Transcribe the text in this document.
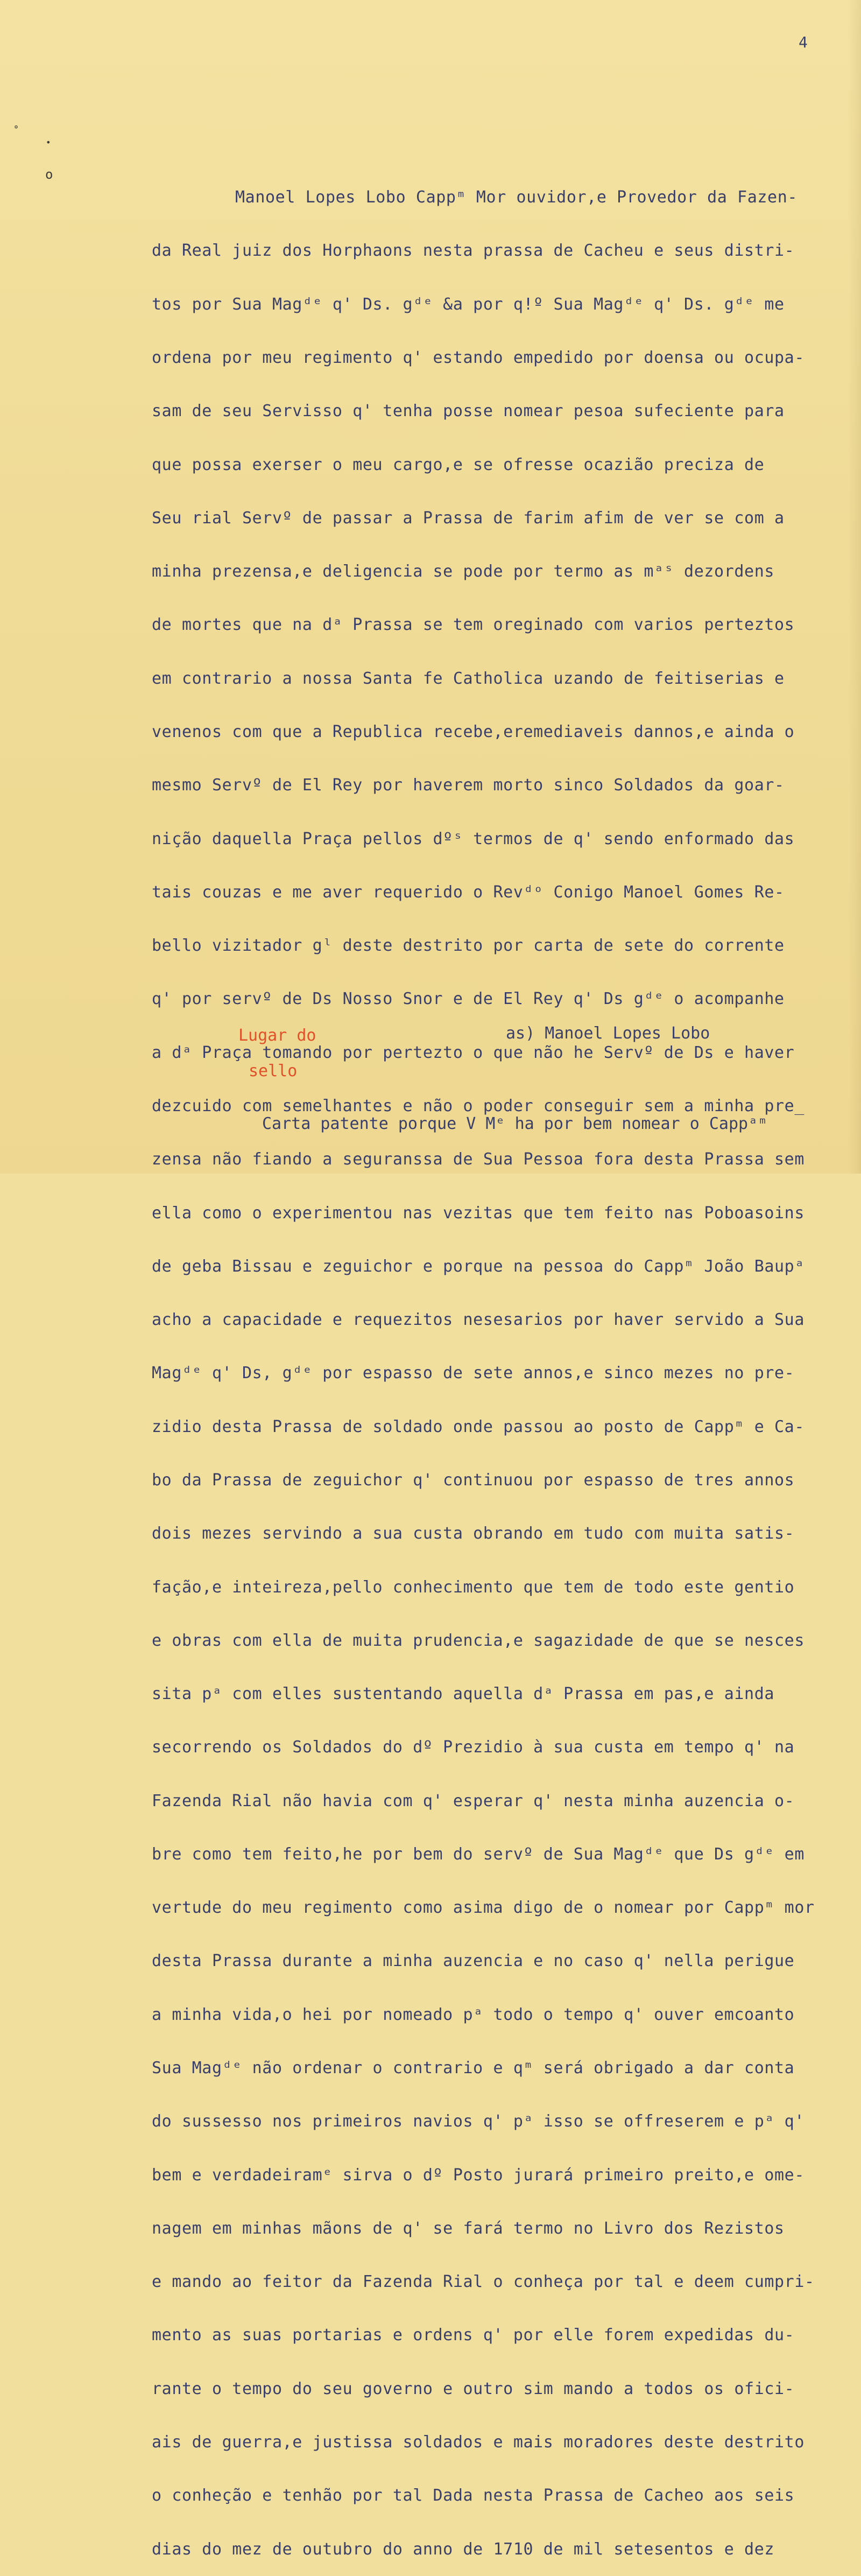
4
˚
•
o

Manoel Lopes Lobo Cappᵐ Mor ouvidor,e Provedor da Fazen-

da Real juiz dos Horphaons nesta prassa de Cacheu e seus distri-

tos por Sua Magᵈᵉ q' Ds. gᵈᵉ &a por q!º Sua Magᵈᵉ q' Ds. gᵈᵉ me

ordena por meu regimento q' estando empedido por doensa ou ocupa-

sam de seu Servisso q' tenha posse nomear pesoa sufeciente para

que possa exerser o meu cargo,e se ofresse ocazião preciza de

Seu rial Servº de passar a Prassa de farim afim de ver se com a

minha prezensa,e deligencia se pode por termo as mᵃˢ dezordens

de mortes que na dᵃ Prassa se tem oreginado com varios perteztos

em contrario a nossa Santa fe Catholica uzando de feitiserias e

venenos com que a Republica recebe,eremediaveis dannos,e ainda o

mesmo Servº de El Rey por haverem morto sinco Soldados da goar-

nição daquella Praça pellos dºˢ termos de q' sendo enformado das

tais couzas e me aver requerido o Revᵈᵒ Conigo Manoel Gomes Re-

bello vizitador gˡ deste destrito por carta de sete do corrente

q' por servº de Ds Nosso Snor e de El Rey q' Ds gᵈᵉ o acompanhe

a dᵃ Praça tomando por pertezto o que não he Servº de Ds e haver

dezcuido com semelhantes e não o poder conseguir sem a minha pre_

zensa não fiando a seguranssa de Sua Pessoa fora desta Prassa sem

ella como o experimentou nas vezitas que tem feito nas Poboasoins

de geba Bissau e zeguichor e porque na pessoa do Cappᵐ João Baupᵃ

acho a capacidade e requezitos nesesarios por haver servido a Sua

Magᵈᵉ q' Ds, gᵈᵉ por espasso de sete annos,e sinco mezes no pre-

zidio desta Prassa de soldado onde passou ao posto de Cappᵐ e Ca-

bo da Prassa de zeguichor q' continuou por espasso de tres annos

dois mezes servindo a sua custa obrando em tudo com muita satis-

fação,e inteireza,pello conhecimento que tem de todo este gentio

e obras com ella de muita prudencia,e sagazidade de que se nesces

sita pᵃ com elles sustentando aquella dᵃ Prassa em pas,e ainda

secorrendo os Soldados do dº Prezidio à sua custa em tempo q' na

Fazenda Rial não havia com q' esperar q' nesta minha auzencia o-

bre como tem feito,he por bem do servº de Sua Magᵈᵉ que Ds gᵈᵉ em

vertude do meu regimento como asima digo de o nomear por Cappᵐ mor

desta Prassa durante a minha auzencia e no caso q' nella perigue

a minha vida,o hei por nomeado pᵃ todo o tempo q' ouver emcoanto

Sua Magᵈᵉ não ordenar o contrario e qᵐ será obrigado a dar conta

do sussesso nos primeiros navios q' pᵃ isso se offreserem e pᵃ q'

bem e verdadeiramᵉ sirva o dº Posto jurará primeiro preito,e ome-

nagem em minhas mãons de q' se fará termo no Livro dos Rezistos

e mando ao feitor da Fazenda Rial o conheça por tal e deem cumpri-

mento as suas portarias e ordens q' por elle forem expedidas du-

rante o tempo do seu governo e outro sim mando a todos os ofici-

ais de guerra,e justissa soldados e mais moradores deste destrito

o conheção e tenhão por tal Dada nesta Prassa de Cacheo aos seis

dias do mez de outubro do anno de 1710 de mil setesentos e dez

Lugar do
sello
as) Manoel Lopes Lobo
Carta patente porque V Mᵉ ha por bem nomear o Cappᵃᵐ
